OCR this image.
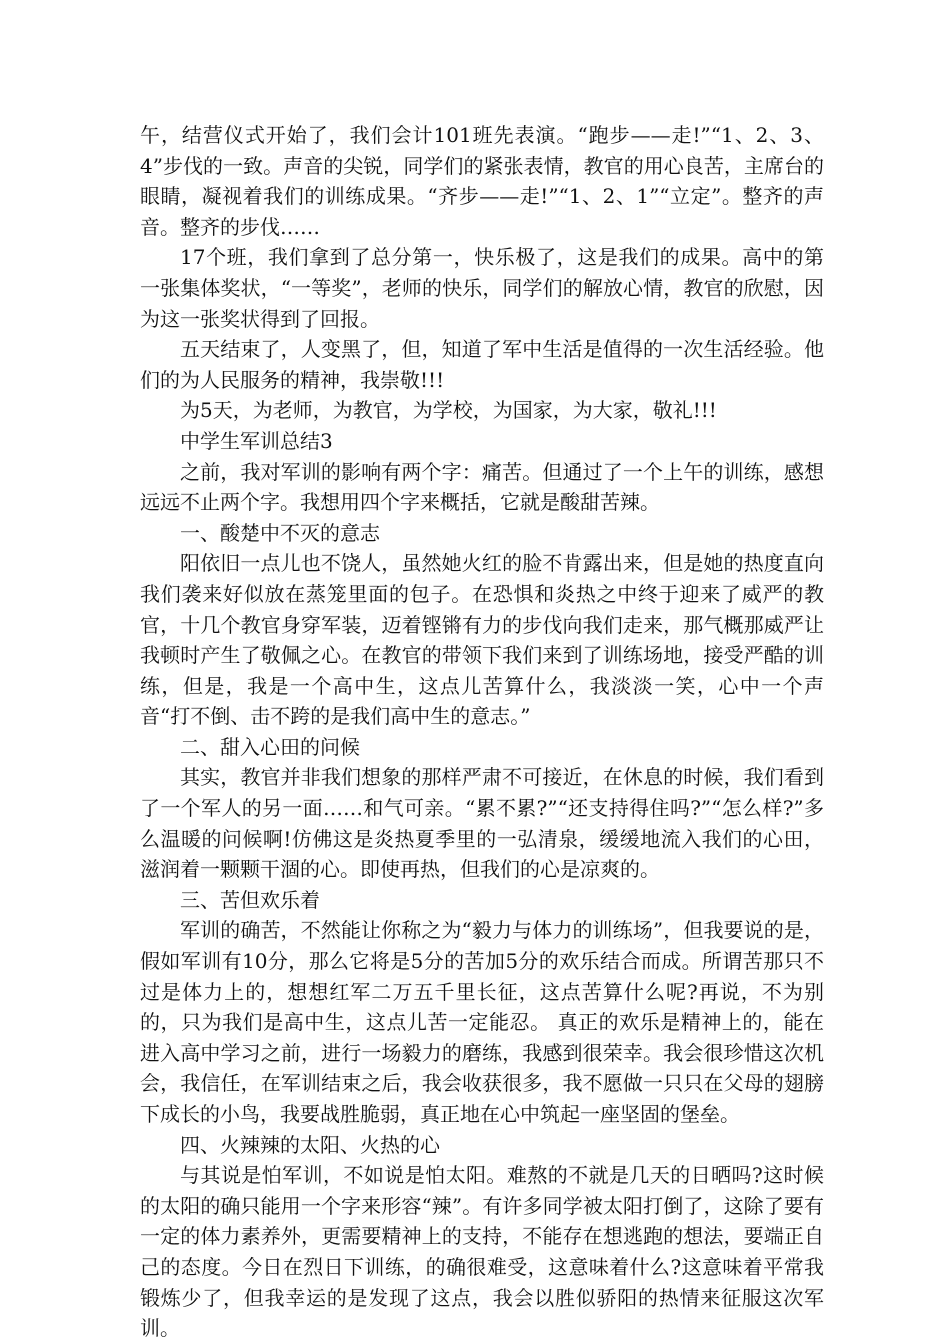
午，结营仪式开始了，我们会计101班先表演。“跑步——走!”“1、2、3、4”步伐的一致。声音的尖锐，同学们的紧张表情，教官的用心良苦，主席台的眼睛，凝视着我们的训练成果。“齐步——走!”“1、2、1”“立定”。整齐的声音。整齐的步伐……

17个班，我们拿到了总分第一，快乐极了，这是我们的成果。高中的第一张集体奖状，“一等奖”，老师的快乐，同学们的解放心情，教官的欣慰，因为这一张奖状得到了回报。

五天结束了，人变黑了，但，知道了军中生活是值得的一次生活经验。他们的为人民服务的精神，我崇敬!!!

为5天，为老师，为教官，为学校，为国家，为大家，敬礼!!!

中学生军训总结3

之前，我对军训的影响有两个字：痛苦。但通过了一个上午的训练，感想远远不止两个字。我想用四个字来概括，它就是酸甜苦辣。

一、酸楚中不灭的意志

阳依旧一点儿也不饶人，虽然她火红的脸不肯露出来，但是她的热度直向我们袭来好似放在蒸笼里面的包子。在恐惧和炎热之中终于迎来了威严的教官，十几个教官身穿军装，迈着铿锵有力的步伐向我们走来，那气概那威严让我顿时产生了敬佩之心。在教官的带领下我们来到了训练场地，接受严酷的训练，但是，我是一个高中生，这点儿苦算什么，我淡淡一笑，心中一个声音“打不倒、击不跨的是我们高中生的意志。”

二、甜入心田的问候

其实，教官并非我们想象的那样严肃不可接近，在休息的时候，我们看到了一个军人的另一面……和气可亲。“累不累?”“还支持得住吗?”“怎么样?”多么温暖的问候啊!仿佛这是炎热夏季里的一弘清泉，缓缓地流入我们的心田，滋润着一颗颗干涸的心。即使再热，但我们的心是凉爽的。

三、苦但欢乐着

军训的确苦，不然能让你称之为“毅力与体力的训练场”，但我要说的是，假如军训有10分，那么它将是5分的苦加5分的欢乐结合而成。所谓苦那只不过是体力上的，想想红军二万五千里长征，这点苦算什么呢?再说，不为别的，只为我们是高中生，这点儿苦一定能忍。 真正的欢乐是精神上的，能在进入高中学习之前，进行一场毅力的磨练，我感到很荣幸。我会很珍惜这次机会，我信任，在军训结束之后，我会收获很多，我不愿做一只只在父母的翅膀下成长的小鸟，我要战胜脆弱，真正地在心中筑起一座坚固的堡垒。

四、火辣辣的太阳、火热的心

与其说是怕军训，不如说是怕太阳。难熬的不就是几天的日晒吗?这时候的太阳的确只能用一个字来形容“辣”。有许多同学被太阳打倒了，这除了要有一定的体力素养外，更需要精神上的支持，不能存在想逃跑的想法，要端正自己的态度。今日在烈日下训练，的确很难受，这意味着什么?这意味着平常我锻炼少了，但我幸运的是发现了这点，我会以胜似骄阳的热情来征服这次军训。
